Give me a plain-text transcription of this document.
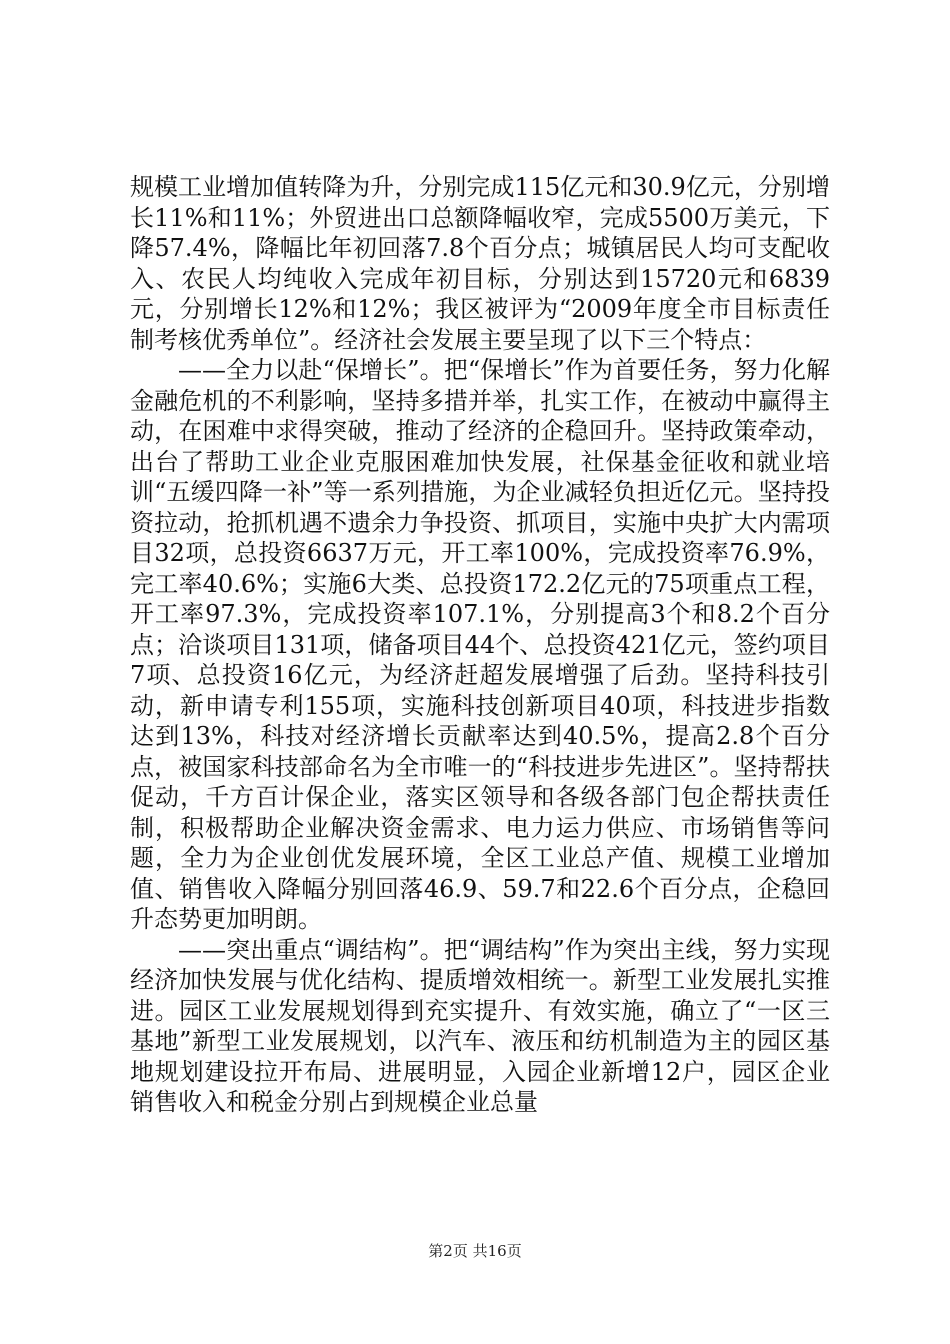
规模工业增加值转降为升，分别完成115亿元和30.9亿元，分别增长11%和11%；外贸进出口总额降幅收窄，完成5500万美元，下降57.4%，降幅比年初回落7.8个百分点；城镇居民人均可支配收入、农民人均纯收入完成年初目标，分别达到15720元和6839元，分别增长12%和12%；我区被评为“2009年度全市目标责任制考核优秀单位”。经济社会发展主要呈现了以下三个特点：

——全力以赴“保增长”。把“保增长”作为首要任务，努力化解金融危机的不利影响，坚持多措并举，扎实工作，在被动中赢得主动，在困难中求得突破，推动了经济的企稳回升。坚持政策牵动，出台了帮助工业企业克服困难加快发展，社保基金征收和就业培训“五缓四降一补”等一系列措施，为企业减轻负担近亿元。坚持投资拉动，抢抓机遇不遗余力争投资、抓项目，实施中央扩大内需项目32项，总投资6637万元，开工率100%，完成投资率76.9%，完工率40.6%；实施6大类、总投资172.2亿元的75项重点工程，开工率97.3%，完成投资率107.1%，分别提高3个和8.2个百分点；洽谈项目131项，储备项目44个、总投资421亿元，签约项目7项、总投资16亿元，为经济赶超发展增强了后劲。坚持科技引动，新申请专利155项，实施科技创新项目40项，科技进步指数达到13%，科技对经济增长贡献率达到40.5%，提高2.8个百分点，被国家科技部命名为全市唯一的“科技进步先进区”。坚持帮扶促动，千方百计保企业，落实区领导和各级各部门包企帮扶责任制，积极帮助企业解决资金需求、电力运力供应、市场销售等问题，全力为企业创优发展环境，全区工业总产值、规模工业增加值、销售收入降幅分别回落46.9、59.7和22.6个百分点，企稳回升态势更加明朗。

——突出重点“调结构”。把“调结构”作为突出主线，努力实现经济加快发展与优化结构、提质增效相统一。新型工业发展扎实推进。园区工业发展规划得到充实提升、有效实施，确立了“一区三基地”新型工业发展规划，以汽车、液压和纺机制造为主的园区基地规划建设拉开布局、进展明显，入园企业新增12户，园区企业销售收入和税金分别占到规模企业总量

第2页 共16页
